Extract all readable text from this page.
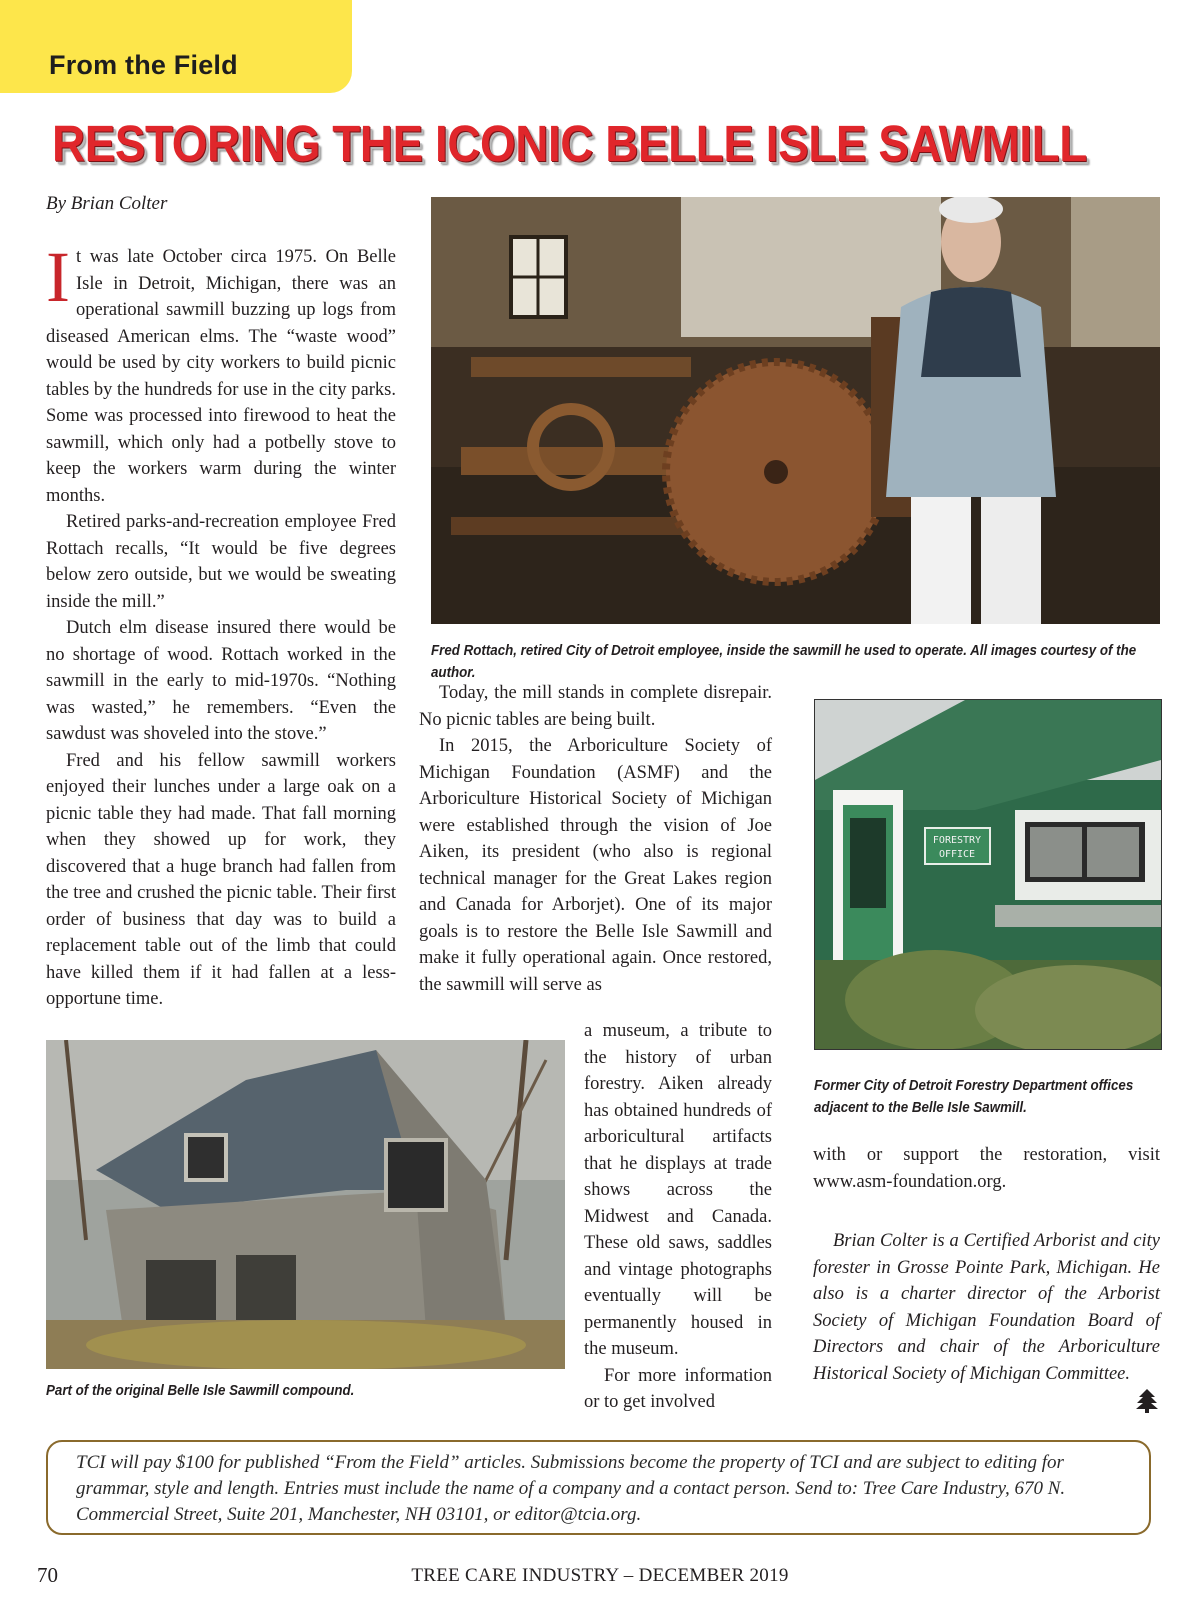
From the Field
RESTORING THE ICONIC BELLE ISLE SAWMILL
By Brian Colter

It was late October circa 1975. On Belle Isle in Detroit, Michigan, there was an operational sawmill buzzing up logs from diseased American elms. The “waste wood” would be used by city workers to build picnic tables by the hundreds for use in the city parks. Some was processed into firewood to heat the sawmill, which only had a potbelly stove to keep the workers warm during the winter months.

Retired parks-and-recreation employee Fred Rottach recalls, “It would be five degrees below zero outside, but we would be sweating inside the mill.”

Dutch elm disease insured there would be no shortage of wood. Rottach worked in the sawmill in the early to mid-1970s. “Nothing was wasted,” he remembers. “Even the sawdust was shoveled into the stove.”

Fred and his fellow sawmill workers enjoyed their lunches under a large oak on a picnic table they had made. That fall morning when they showed up for work, they discovered that a huge branch had fallen from the tree and crushed the picnic table. Their first order of business that day was to build a replacement table out of the limb that could have killed them if it had fallen at a less-opportune time.

Fred Rottach, retired City of Detroit employee, inside the sawmill he used to operate. All images courtesy of the author.

Today, the mill stands in complete disrepair. No picnic tables are being built.

In 2015, the Arboriculture Society of Michigan Foundation (ASMF) and the Arboriculture Historical Society of Michigan were established through the vision of Joe Aiken, its president (who also is regional technical manager for the Great Lakes region and Canada for Arborjet). One of its major goals is to restore the Belle Isle Sawmill and make it fully operational again. Once restored, the sawmill will serve as

a museum, a tribute to the history of urban forestry. Aiken already has obtained hundreds of arboricultural artifacts that he displays at trade shows across the Midwest and Canada. These old saws, saddles and vintage photographs eventually will be permanently housed in the museum.

For more information or to get involved

FORESTRY
OFFICE
Former City of Detroit Forestry Department offices adjacent to the Belle Isle Sawmill.

with or support the restoration, visit www.asm-foundation.org.

Brian Colter is a Certified Arborist and city forester in Grosse Pointe Park, Michigan. He also is a charter director of the Arborist Society of Michigan Foundation Board of Directors and chair of the Arboriculture Historical Society of Michigan Committee.
Part of the original Belle Isle Sawmill compound.
TCI will pay $100 for published “From the Field” articles. Submissions become the property of TCI and are subject to editing for grammar, style and length. Entries must include the name of a company and a contact person. Send to: Tree Care Industry, 670 N. Commercial Street, Suite 201, Manchester, NH 03101, or editor@tcia.org.
70	TREE CARE INDUSTRY – DECEMBER 2019
